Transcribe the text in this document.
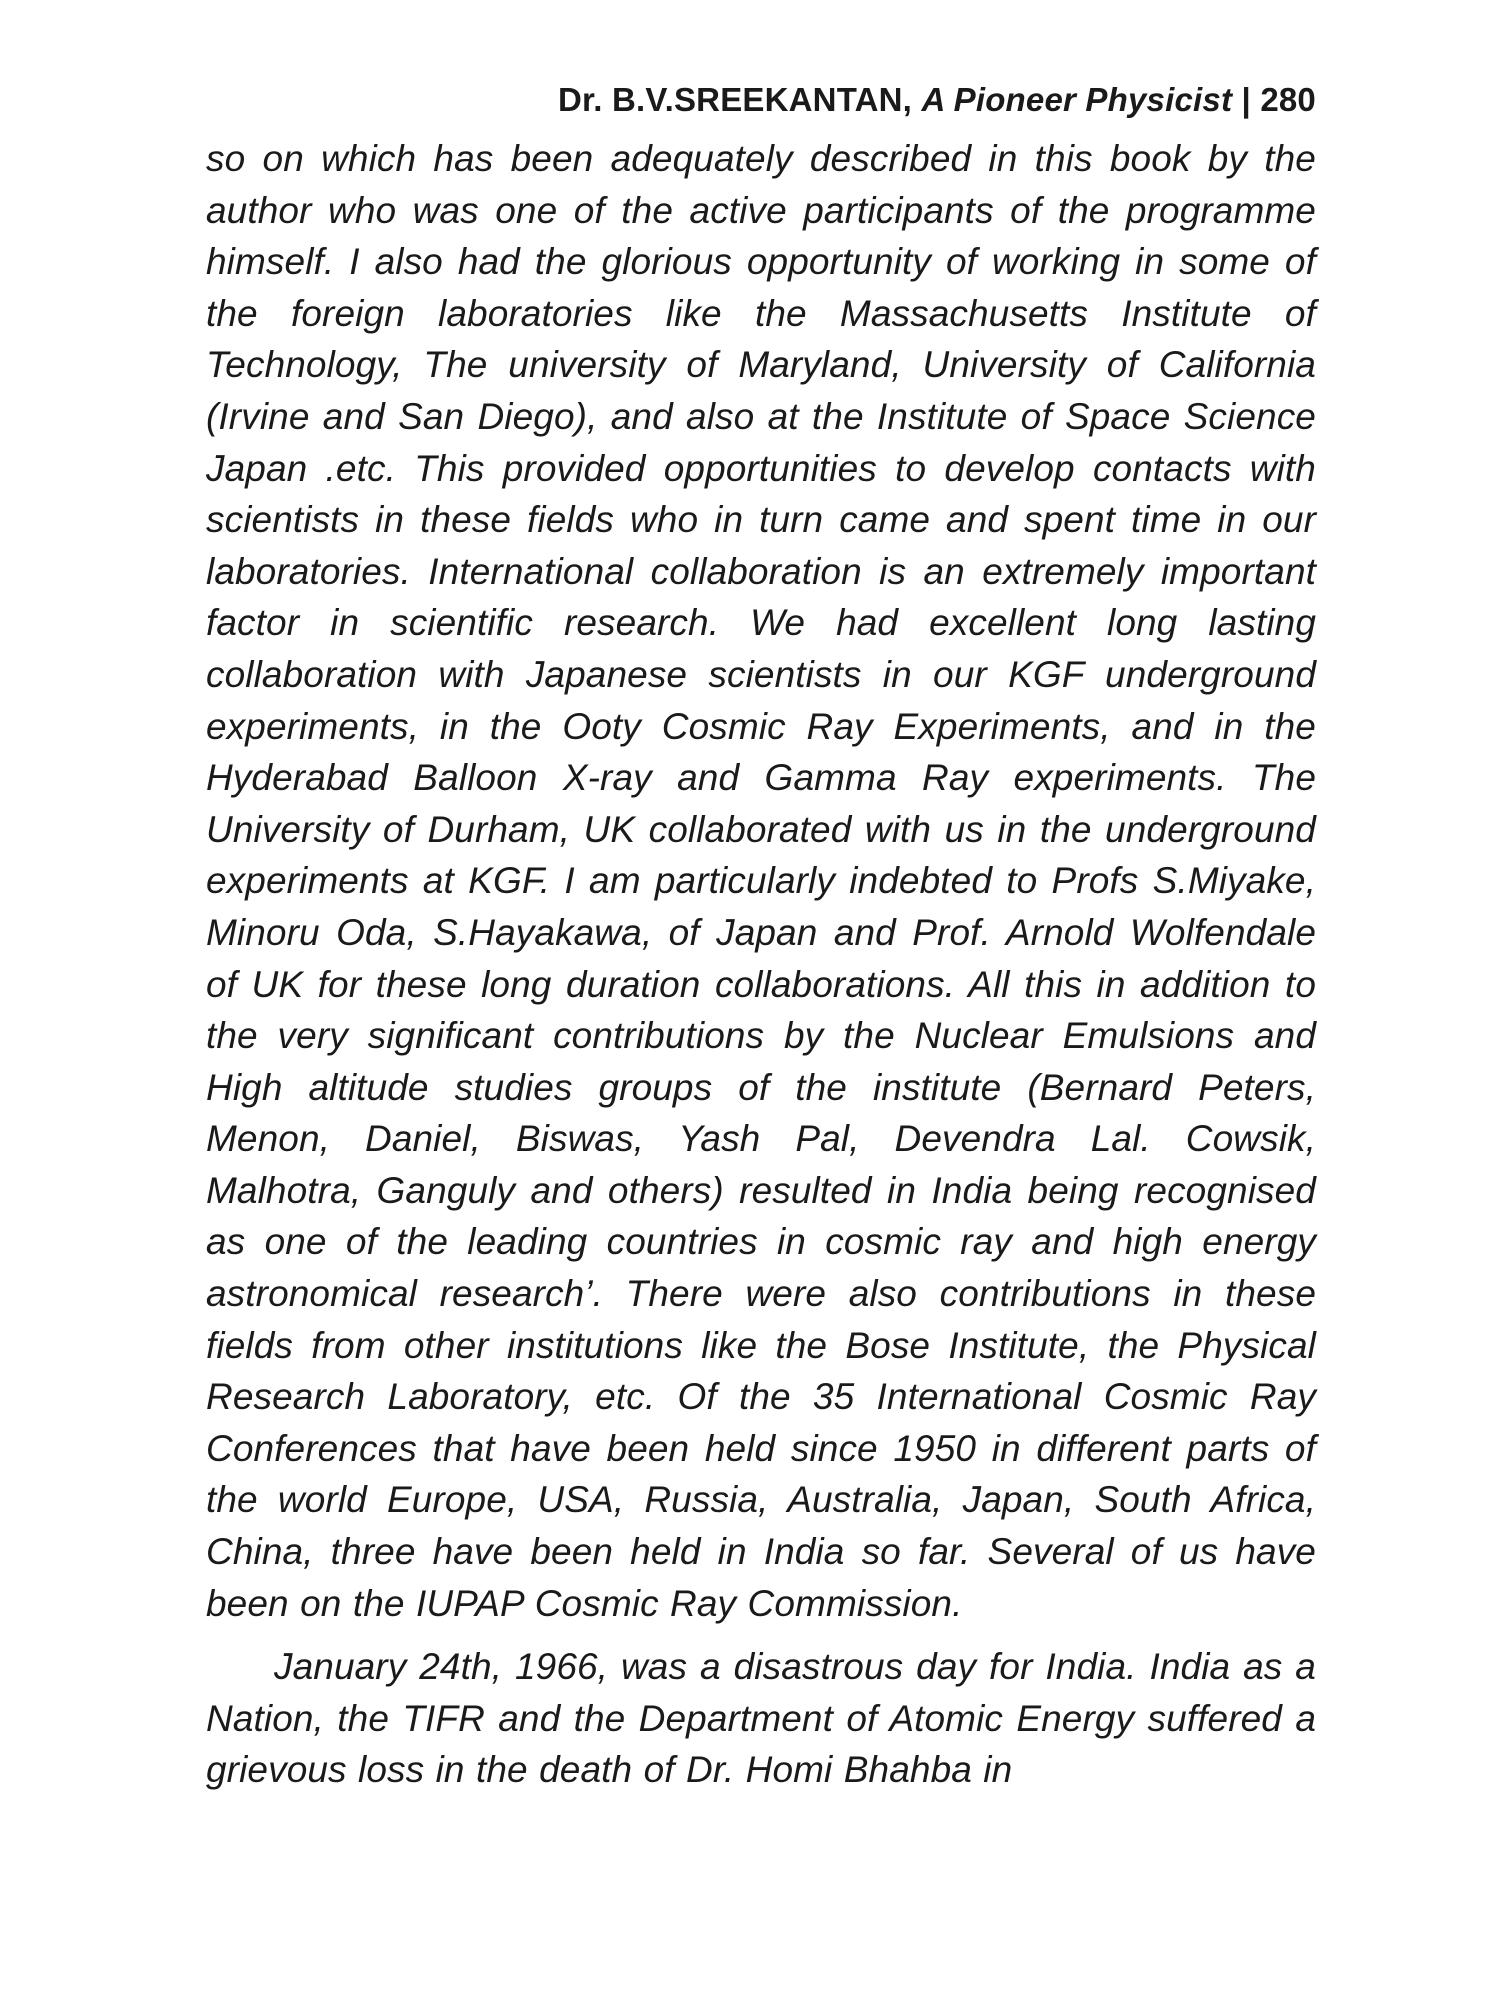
Dr. B.V.SREEKANTAN, A Pioneer Physicist | 280

so on which has been adequately described in this book by the author who was one of the active participants of the programme himself. I also had the glorious opportunity of working in some of the foreign laboratories like the Massachusetts Institute of Technology, The university of Maryland, University of California (Irvine and San Diego), and also at the Institute of Space Science Japan .etc. This provided opportunities to develop contacts with scientists in these fields who in turn came and spent time in our laboratories. International collaboration is an extremely important factor in scientific research. We had excellent long lasting collaboration with Japanese scientists in our KGF underground experiments, in the Ooty Cosmic Ray Experiments, and in the Hyderabad Balloon X-ray and Gamma Ray experiments. The University of Durham, UK collaborated with us in the underground experiments at KGF. I am particularly indebted to Profs S.Miyake, Minoru Oda, S.Hayakawa, of Japan and Prof. Arnold Wolfendale of UK for these long duration collaborations. All this in addition to the very significant contributions by the Nuclear Emulsions and High altitude studies groups of the institute (Bernard Peters, Menon, Daniel, Biswas, Yash Pal, Devendra Lal. Cowsik, Malhotra, Ganguly and others) resulted in India being recognised as one of the leading countries in cosmic ray and high energy astronomical research’. There were also contributions in these fields from other institutions like the Bose Institute, the Physical Research Laboratory, etc. Of the 35 International Cosmic Ray Conferences that have been held since 1950 in different parts of the world Europe, USA, Russia, Australia, Japan, South Africa, China, three have been held in India so far. Several of us have been on the IUPAP Cosmic Ray Commission.

January 24th, 1966, was a disastrous day for India. India as a Nation, the TIFR and the Department of Atomic Energy suffered a grievous loss in the death of Dr. Homi Bhahba in
